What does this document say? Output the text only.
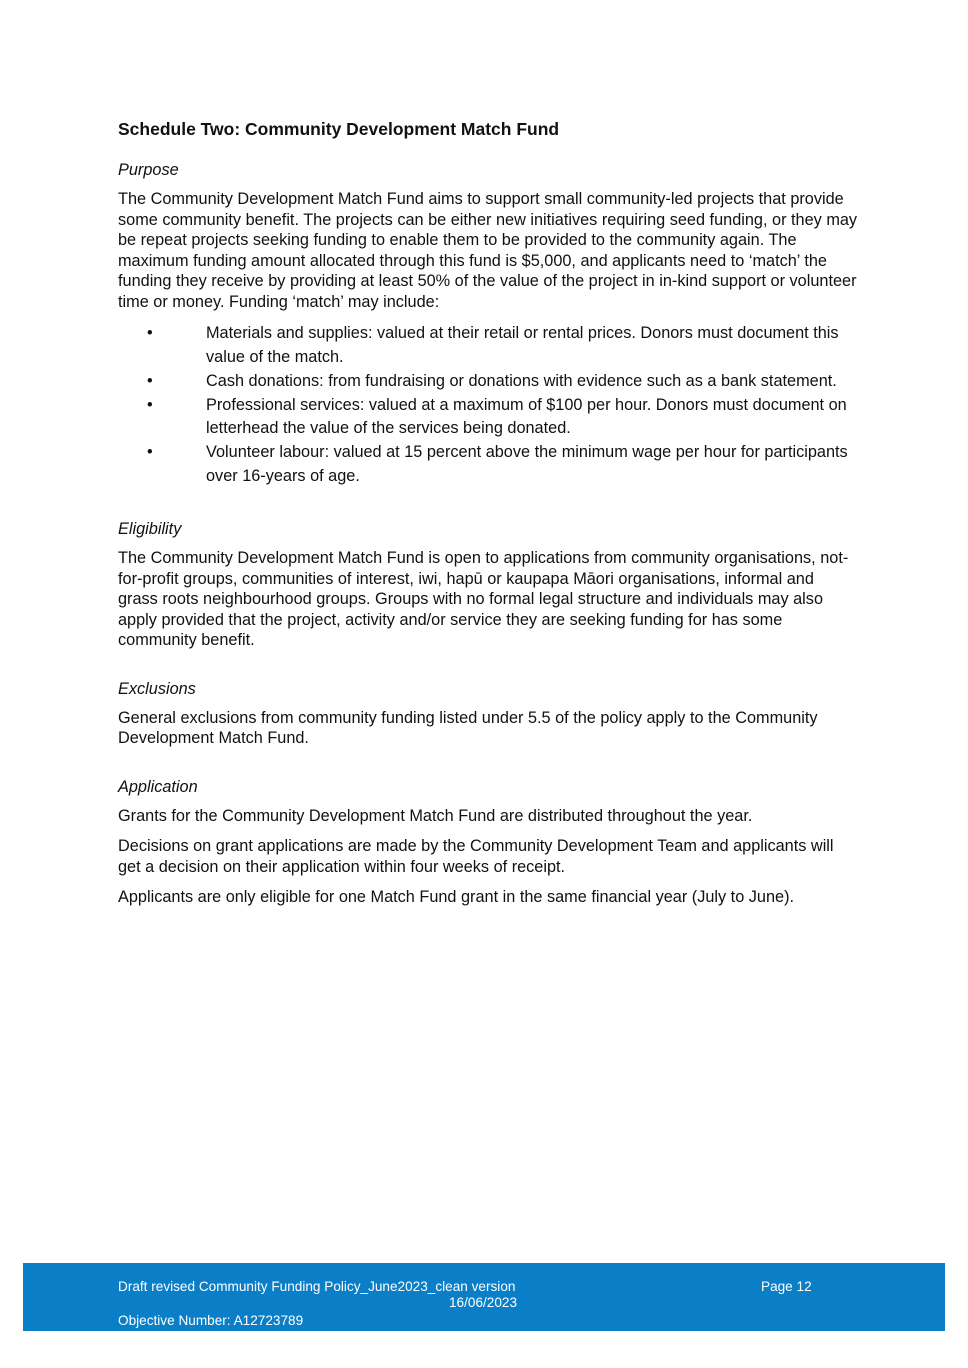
Schedule Two: Community Development Match Fund
Purpose

The Community Development Match Fund aims to support small community-led projects that provide some community benefit. The projects can be either new initiatives requiring seed funding, or they may be repeat projects seeking funding to enable them to be provided to the community again. The maximum funding amount allocated through this fund is $5,000, and applicants need to ‘match’ the funding they receive by providing at least 50% of the value of the project in in-kind support or volunteer time or money. Funding ‘match’ may include:

•	Materials and supplies: valued at their retail or rental prices. Donors must document this value of the match.
•	Cash donations: from fundraising or donations with evidence such as a bank statement.
•	Professional services: valued at a maximum of $100 per hour. Donors must document on letterhead the value of the services being donated.
•	Volunteer labour: valued at 15 percent above the minimum wage per hour for participants over 16-years of age.
Eligibility

The Community Development Match Fund is open to applications from community organisations, not-for-profit groups, communities of interest, iwi, hapū or kaupapa Māori organisations, informal and grass roots neighbourhood groups. Groups with no formal legal structure and individuals may also apply provided that the project, activity and/or service they are seeking funding for has some community benefit.

Exclusions

General exclusions from community funding listed under 5.5 of the policy apply to the Community Development Match Fund.

Application

Grants for the Community Development Match Fund are distributed throughout the year.

Decisions on grant applications are made by the Community Development Team and applicants will get a decision on their application within four weeks of receipt.

Applicants are only eligible for one Match Fund grant in the same financial year (July to June).

Draft revised Community Funding Policy_June2023_clean version	Page 12
16/06/2023
Objective Number: A12723789
